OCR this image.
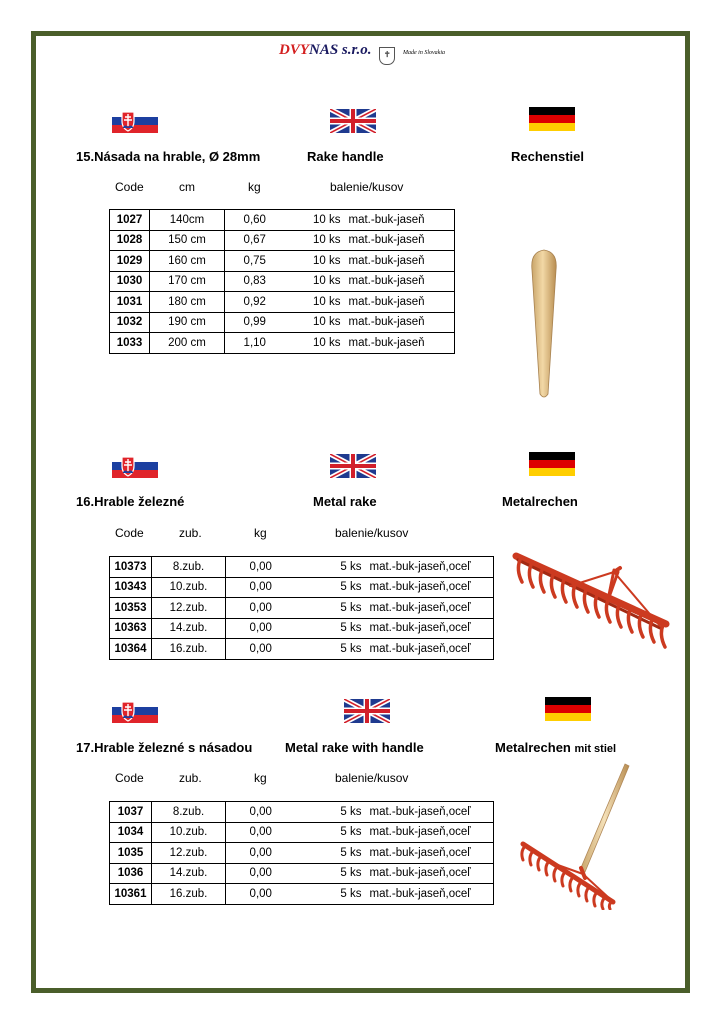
DVYNAS s.r.o. ✝ Made in Slovakia
15.Násada na hrable, Ø 28mm	Rake handle	Rechenstiel
Code	cm	kg	balenie/kusov
1027	140cm	0,60	10 ks	mat.-buk-jaseň
1028	150 cm	0,67	10 ks	mat.-buk-jaseň
1029	160 cm	0,75	10 ks	mat.-buk-jaseň
1030	170 cm	0,83	10 ks	mat.-buk-jaseň
1031	180 cm	0,92	10 ks	mat.-buk-jaseň
1032	190 cm	0,99	10 ks	mat.-buk-jaseň
1033	200 cm	1,10	10 ks	mat.-buk-jaseň
16.Hrable železné	Metal rake	Metalrechen
Code	zub.	kg	balenie/kusov
10373	8.zub.	0,00	5 ks	mat.-buk-jaseň,oceľ
10343	10.zub.	0,00	5 ks	mat.-buk-jaseň,oceľ
10353	12.zub.	0,00	5 ks	mat.-buk-jaseň,oceľ
10363	14.zub.	0,00	5 ks	mat.-buk-jaseň,oceľ
10364	16.zub.	0,00	5 ks	mat.-buk-jaseň,oceľ
17.Hrable železné s násadou	Metal rake with handle	Metalrechen mit stiel
Code	zub.	kg	balenie/kusov
1037	8.zub.	0,00	5 ks	mat.-buk-jaseň,oceľ
1034	10.zub.	0,00	5 ks	mat.-buk-jaseň,oceľ
1035	12.zub.	0,00	5 ks	mat.-buk-jaseň,oceľ
1036	14.zub.	0,00	5 ks	mat.-buk-jaseň,oceľ
10361	16.zub.	0,00	5 ks	mat.-buk-jaseň,oceľ
